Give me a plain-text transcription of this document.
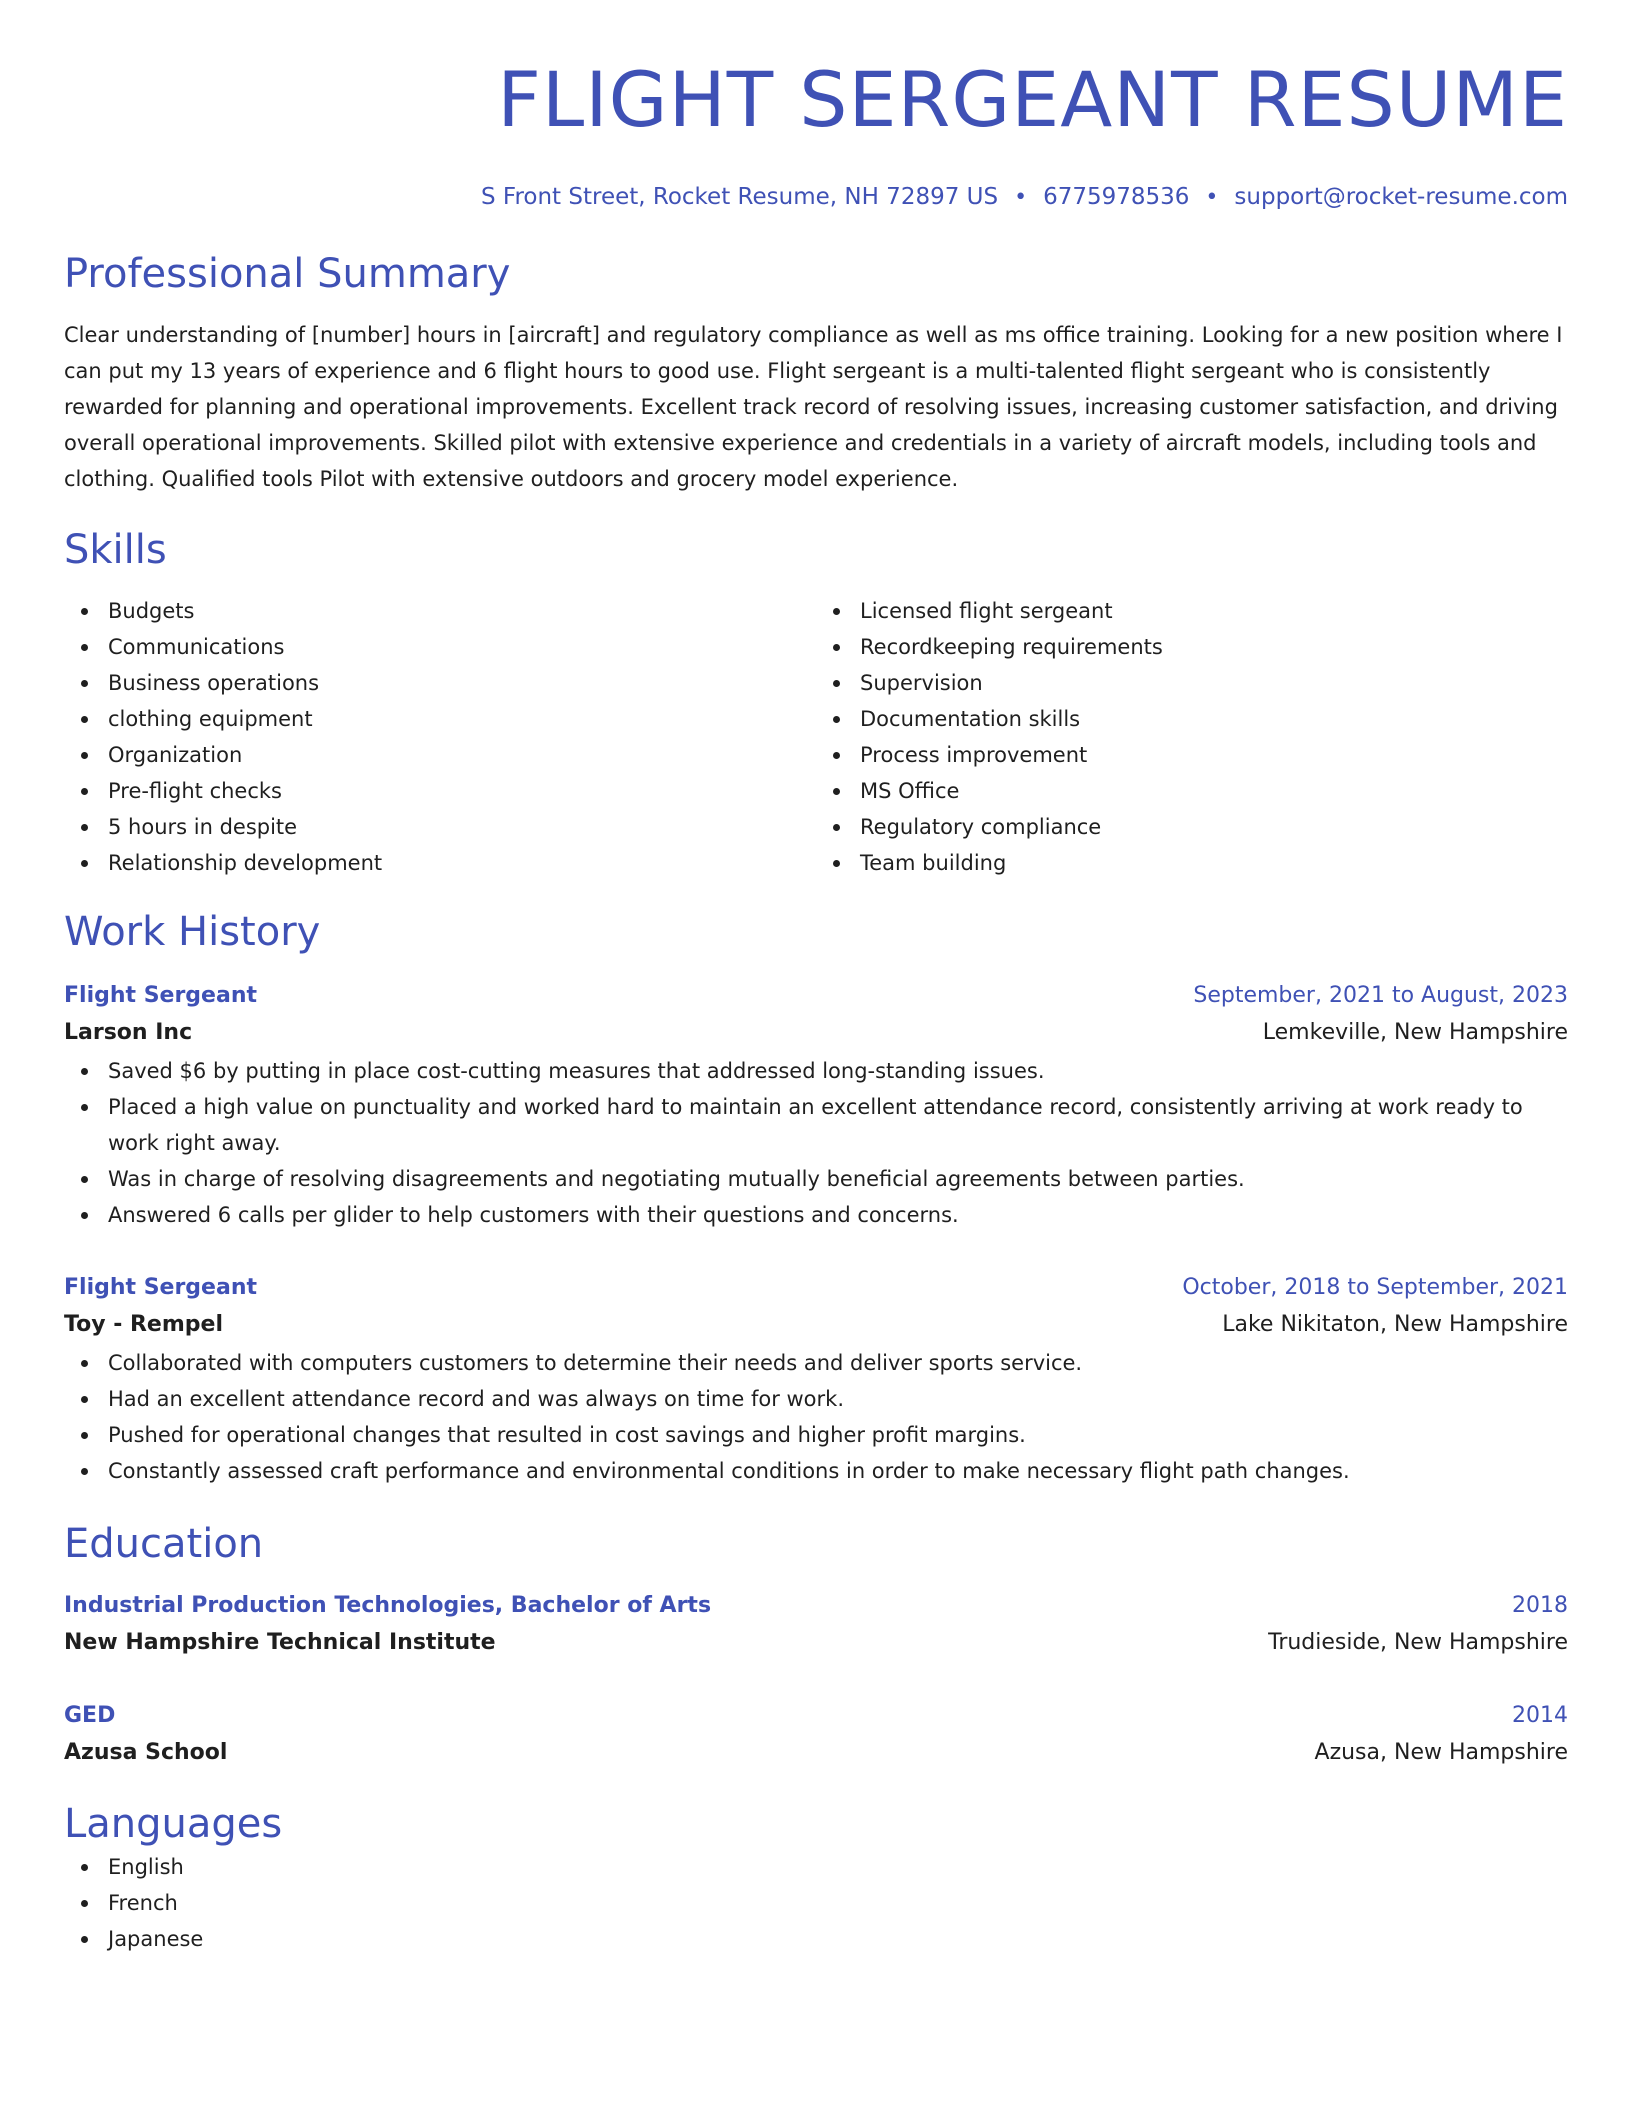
FLIGHT SERGEANT RESUME
S Front Street, Rocket Resume, NH 72897 US • 6775978536 • support@rocket-resume.com
Professional Summary

Clear understanding of [number] hours in [aircraft] and regulatory compliance as well as ms office training. Looking for a new position where I can put my 13 years of experience and 6 flight hours to good use. Flight sergeant is a multi-talented flight sergeant who is consistently rewarded for planning and operational improvements. Excellent track record of resolving issues, increasing customer satisfaction, and driving overall operational improvements. Skilled pilot with extensive experience and credentials in a variety of aircraft models, including tools and clothing. Qualified tools Pilot with extensive outdoors and grocery model experience.

Skills
Budgets
Communications
Business operations
clothing equipment
Organization
Pre-flight checks
5 hours in despite
Relationship development
Licensed flight sergeant
Recordkeeping requirements
Supervision
Documentation skills
Process improvement
MS Office
Regulatory compliance
Team building
Work History
Flight Sergeant	September, 2021 to August, 2023
Larson Inc	Lemkeville, New Hampshire
Saved $6 by putting in place cost-cutting measures that addressed long-standing issues.
Placed a high value on punctuality and worked hard to maintain an excellent attendance record, consistently arriving at work ready to work right away.
Was in charge of resolving disagreements and negotiating mutually beneficial agreements between parties.
Answered 6 calls per glider to help customers with their questions and concerns.
Flight Sergeant	October, 2018 to September, 2021
Toy - Rempel	Lake Nikitaton, New Hampshire
Collaborated with computers customers to determine their needs and deliver sports service.
Had an excellent attendance record and was always on time for work.
Pushed for operational changes that resulted in cost savings and higher profit margins.
Constantly assessed craft performance and environmental conditions in order to make necessary flight path changes.
Education
Industrial Production Technologies, Bachelor of Arts	2018
New Hampshire Technical Institute	Trudieside, New Hampshire
GED	2014
Azusa School	Azusa, New Hampshire
Languages
English
French
Japanese
